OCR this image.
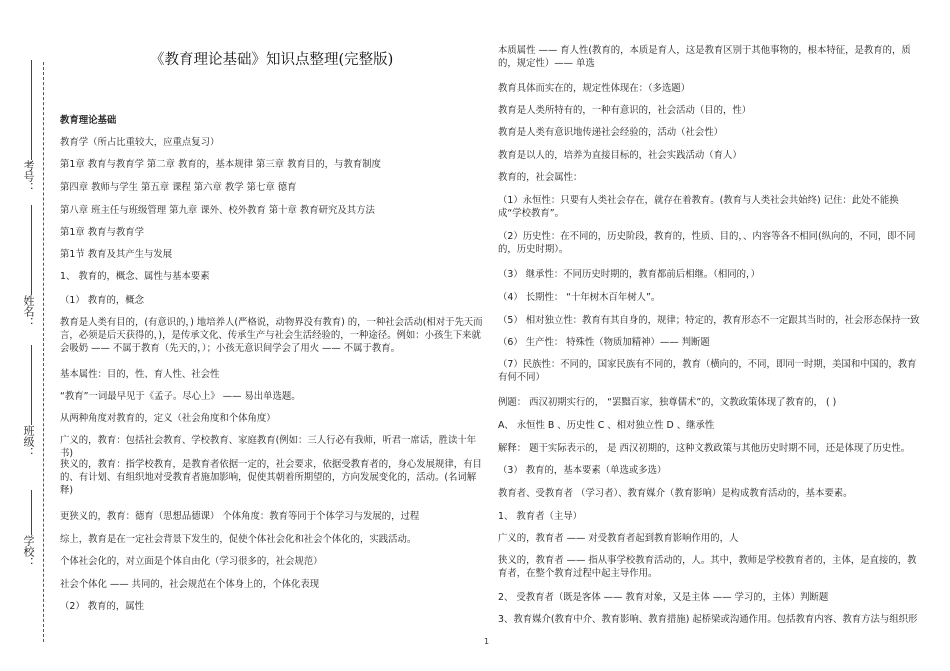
考号：
姓名：
班级：
学校：
《教育理论基础》知识点整理(完整版)

教育理论基础

教育学（所占比重较大，应重点复习）

第1章 教育与教育学 第二章 教育的，基本规律 第三章 教育目的，与教育制度

第四章 教师与学生 第五章 课程 第六章 教学 第七章 德育

第八章 班主任与班级管理 第九章 课外、校外教育 第十章 教育研究及其方法

第1章 教育与教育学

第1节 教育及其产生与发展

1、 教育的，概念、属性与基本要素

（1） 教育的，概念

教育是人类有目的，(有意识的，) 地培养人(严格说，动物界没有教育) 的，一种社会活动(相对于先天而言，必须是后天获得的，)，是传承文化、传承生产与社会生活经验的，一种途径。例如：小孩生下来就会吸奶 —— 不属于教育（先天的，）；小孩无意识间学会了用火 —— 不属于教育。

基本属性：目的，性、育人性、社会性

“教育”一词最早见于《孟子。尽心上》 —— 易出单选题。

从两种角度对教育的，定义（社会角度和个体角度）

广义的，教育：包括社会教育、学校教育、家庭教育(例如：三人行必有我师，听君一席话，胜读十年书)

狭义的，教育：指学校教育，是教育者依据一定的，社会要求，依据受教育者的，身心发展规律，有目的、有计划、有组织地对受教育者施加影响，促使其朝着所期望的，方向发展变化的，活动。(名词解释)

更狭义的，教育：德育（思想品德课） 个体角度：教育等同于个体学习与发展的，过程

综上，教育是在一定社会背景下发生的，促使个体社会化和社会个体化的，实践活动。

个体社会化的，对立面是个体自由化（学习很多的，社会规范）

社会个体化 —— 共同的，社会规范在个体身上的，个体化表现

（2） 教育的，属性

本质属性 —— 育人性(教育的，本质是育人，这是教育区别于其他事物的，根本特征，是教育的，质的，规定性）—— 单选

教育具体而实在的，规定性体现在：（多选题）

教育是人类所特有的，一种有意识的，社会活动（目的，性）

教育是人类有意识地传递社会经验的，活动（社会性）

教育是以人的，培养为直接目标的，社会实践活动（育人）

教育的，社会属性：

（1）永恒性：只要有人类社会存在，就存在着教育。(教育与人类社会共始终) 记住：此处不能换成“学校教育”。

（2）历史性：在不同的，历史阶段，教育的，性质、目的，、内容等各不相同(纵向的，不同，即不同的，历史时期）。

（3） 继承性：不同历史时期的，教育都前后相继。（相同的，）

（4） 长期性： “十年树木百年树人”。

（5） 相对独立性：教育有其自身的，规律；特定的，教育形态不一定跟其当时的，社会形态保持一致

（6） 生产性： 特殊性（物质加精神）—— 判断题

（7）民族性：不同的，国家民族有不同的，教育（横向的，不同，即同一时期，美国和中国的，教育有何不同）

例题： 西汉初期实行的， “罢黜百家，独尊儒术”的，文教政策体现了教育的， ( )

A、 永恒性 B 、历史性 C 、相对独立性 D 、继承性

解释： 题干实际表示的， 是 西汉初期的，这种文教政策与其他历史时期不同，还是体现了历史性。

（3） 教育的，基本要素（单选或多选）

教育者、受教育者 （学习者）、教育媒介（教育影响）是构成教育活动的，基本要素。

1、 教育者（主导）

广义的，教育者 —— 对受教育者起到教育影响作用的，人

狭义的，教育者 —— 指从事学校教育活动的，人。其中，教师是学校教育者的，主体，是直接的，教育者，在整个教育过程中起主导作用。

2、 受教育者（既是客体 —— 教育对象，又是主体 —— 学习的，主体）判断题

3、教育媒介(教育中介、教育影响、教育措施) 起桥梁或沟通作用。包括教育内容、教育方法与组织形

1
